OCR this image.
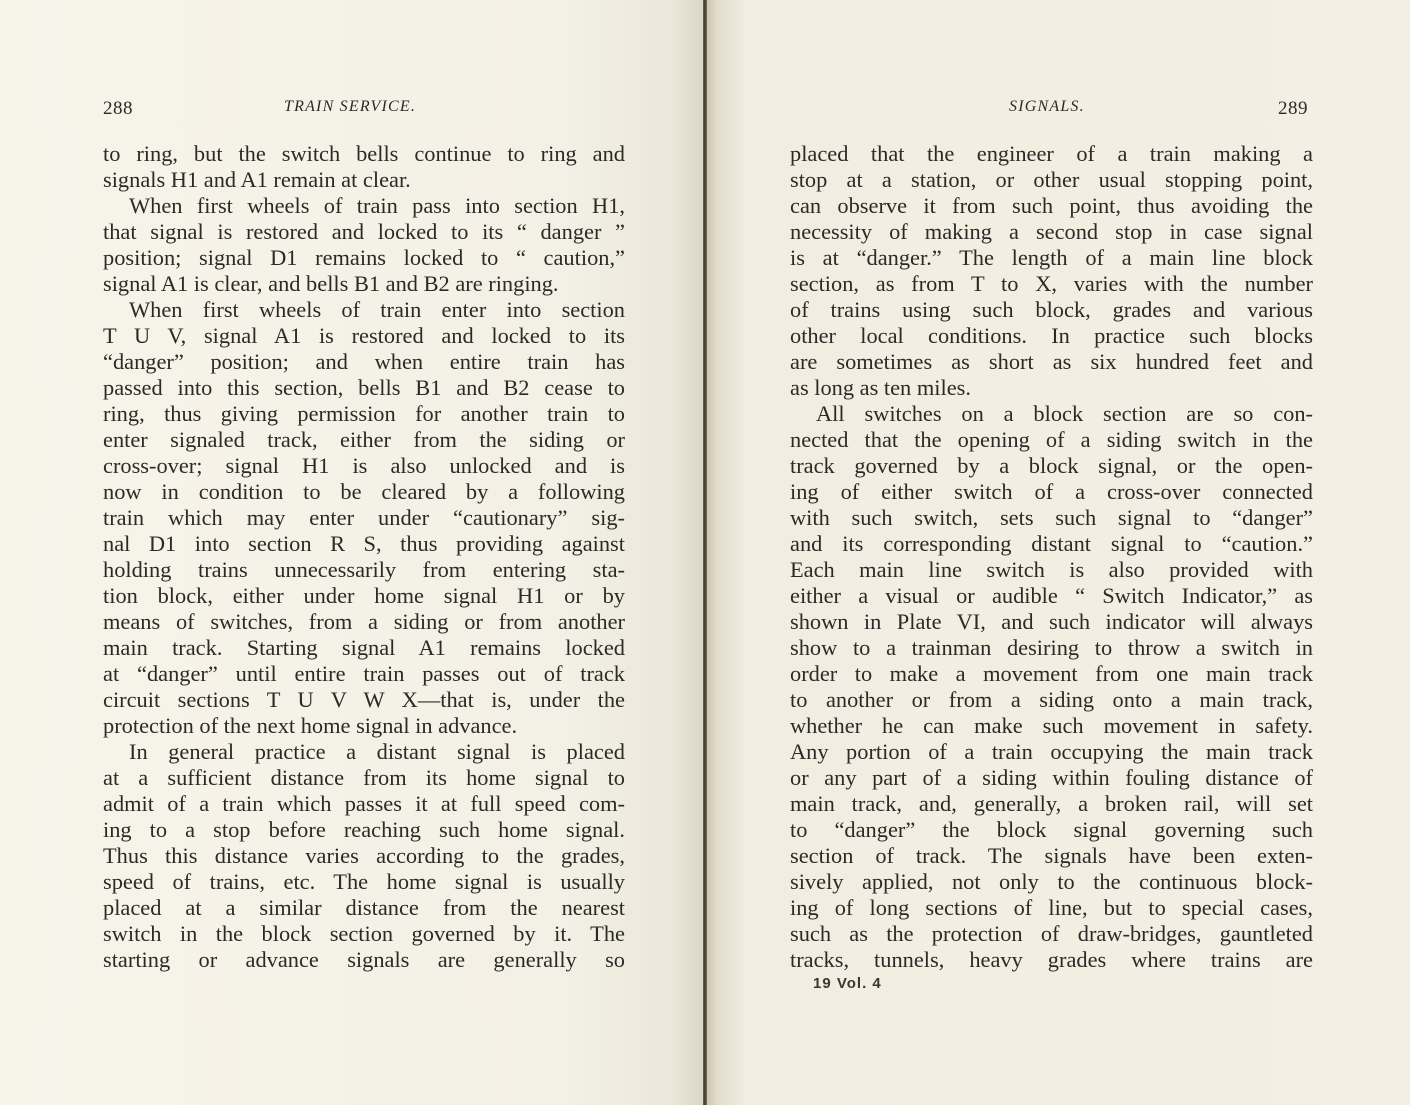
288	TRAIN SERVICE.
to ring, but the switch bells continue to ring and
signals H1 and A1 remain at clear.
When first wheels of train pass into section H1,
that signal is restored and locked to its “ danger ”
position; signal D1 remains locked to “ caution,”
signal A1 is clear, and bells B1 and B2 are ringing.
When first wheels of train enter into section
T U V, signal A1 is restored and locked to its
“danger” position; and when entire train has
passed into this section, bells B1 and B2 cease to
ring, thus giving permission for another train to
enter signaled track, either from the siding or
cross-over; signal H1 is also unlocked and is
now in condition to be cleared by a following
train which may enter under “cautionary” sig-
nal D1 into section R S, thus providing against
holding trains unnecessarily from entering sta-
tion block, either under home signal H1 or by
means of switches, from a siding or from another
main track. Starting signal A1 remains locked
at “danger” until entire train passes out of track
circuit sections T U V W X—that is, under the
protection of the next home signal in advance.
In general practice a distant signal is placed
at a sufficient distance from its home signal to
admit of a train which passes it at full speed com-
ing to a stop before reaching such home signal.
Thus this distance varies according to the grades,
speed of trains, etc. The home signal is usually
placed at a similar distance from the nearest
switch in the block section governed by it. The
starting or advance signals are generally so
SIGNALS.	289
placed that the engineer of a train making a
stop at a station, or other usual stopping point,
can observe it from such point, thus avoiding the
necessity of making a second stop in case signal
is at “danger.” The length of a main line block
section, as from T to X, varies with the number
of trains using such block, grades and various
other local conditions. In practice such blocks
are sometimes as short as six hundred feet and
as long as ten miles.
All switches on a block section are so con-
nected that the opening of a siding switch in the
track governed by a block signal, or the open-
ing of either switch of a cross-over connected
with such switch, sets such signal to “danger”
and its corresponding distant signal to “caution.”
Each main line switch is also provided with
either a visual or audible “ Switch Indicator,” as
shown in Plate VI, and such indicator will always
show to a trainman desiring to throw a switch in
order to make a movement from one main track
to another or from a siding onto a main track,
whether he can make such movement in safety.
Any portion of a train occupying the main track
or any part of a siding within fouling distance of
main track, and, generally, a broken rail, will set
to “danger” the block signal governing such
section of track. The signals have been exten-
sively applied, not only to the continuous block-
ing of long sections of line, but to special cases,
such as the protection of draw-bridges, gauntleted
tracks, tunnels, heavy grades where trains are
19 Vol. 4
